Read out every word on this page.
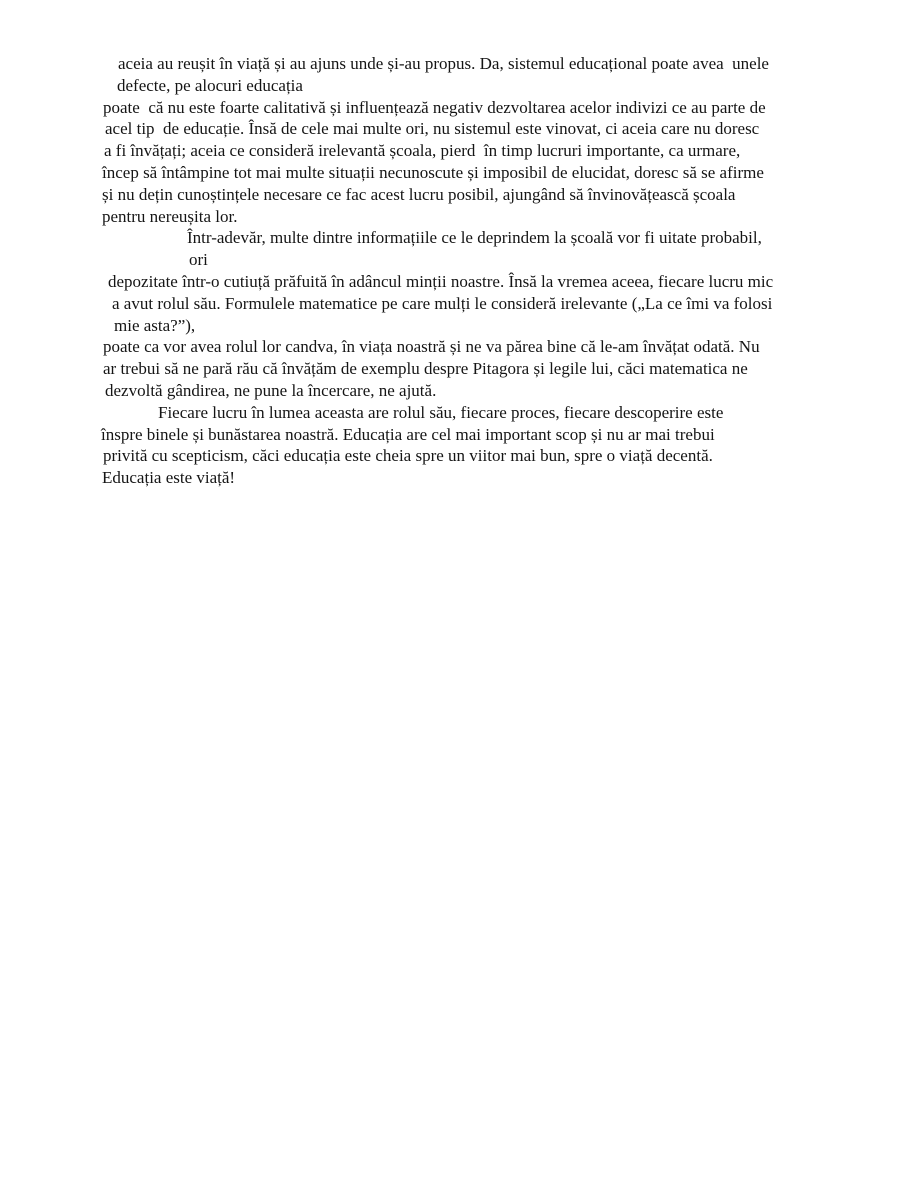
aceia au reușit în viață și au ajuns unde și-au propus. Da, sistemul educațional poate avea  unele
defecte, pe alocuri educația
poate  că nu este foarte calitativă și influențează negativ dezvoltarea acelor indivizi ce au parte de
acel tip  de educație. Însă de cele mai multe ori, nu sistemul este vinovat, ci aceia care nu doresc
a fi învățați; aceia ce consideră irelevantă școala, pierd  în timp lucruri importante, ca urmare,
încep să întâmpine tot mai multe situații necunoscute și imposibil de elucidat, doresc să se afirme
și nu dețin cunoștințele necesare ce fac acest lucru posibil, ajungând să învinovățească școala
pentru nereușita lor.
Într-adevăr, multe dintre informațiile ce le deprindem la școală vor fi uitate probabil,
ori
depozitate într-o cutiuță prăfuită în adâncul minții noastre. Însă la vremea aceea, fiecare lucru mic
a avut rolul său. Formulele matematice pe care mulți le consideră irelevante („La ce îmi va folosi
mie asta?”),
poate ca vor avea rolul lor candva, în viața noastră și ne va părea bine că le-am învățat odată. Nu
ar trebui să ne pară rău că învățăm de exemplu despre Pitagora și legile lui, căci matematica ne
dezvoltă gândirea, ne pune la încercare, ne ajută.
Fiecare lucru în lumea aceasta are rolul său, fiecare proces, fiecare descoperire este
înspre binele și bunăstarea noastră. Educația are cel mai important scop și nu ar mai trebui
privită cu scepticism, căci educația este cheia spre un viitor mai bun, spre o viață decentă.
Educația este viață!
